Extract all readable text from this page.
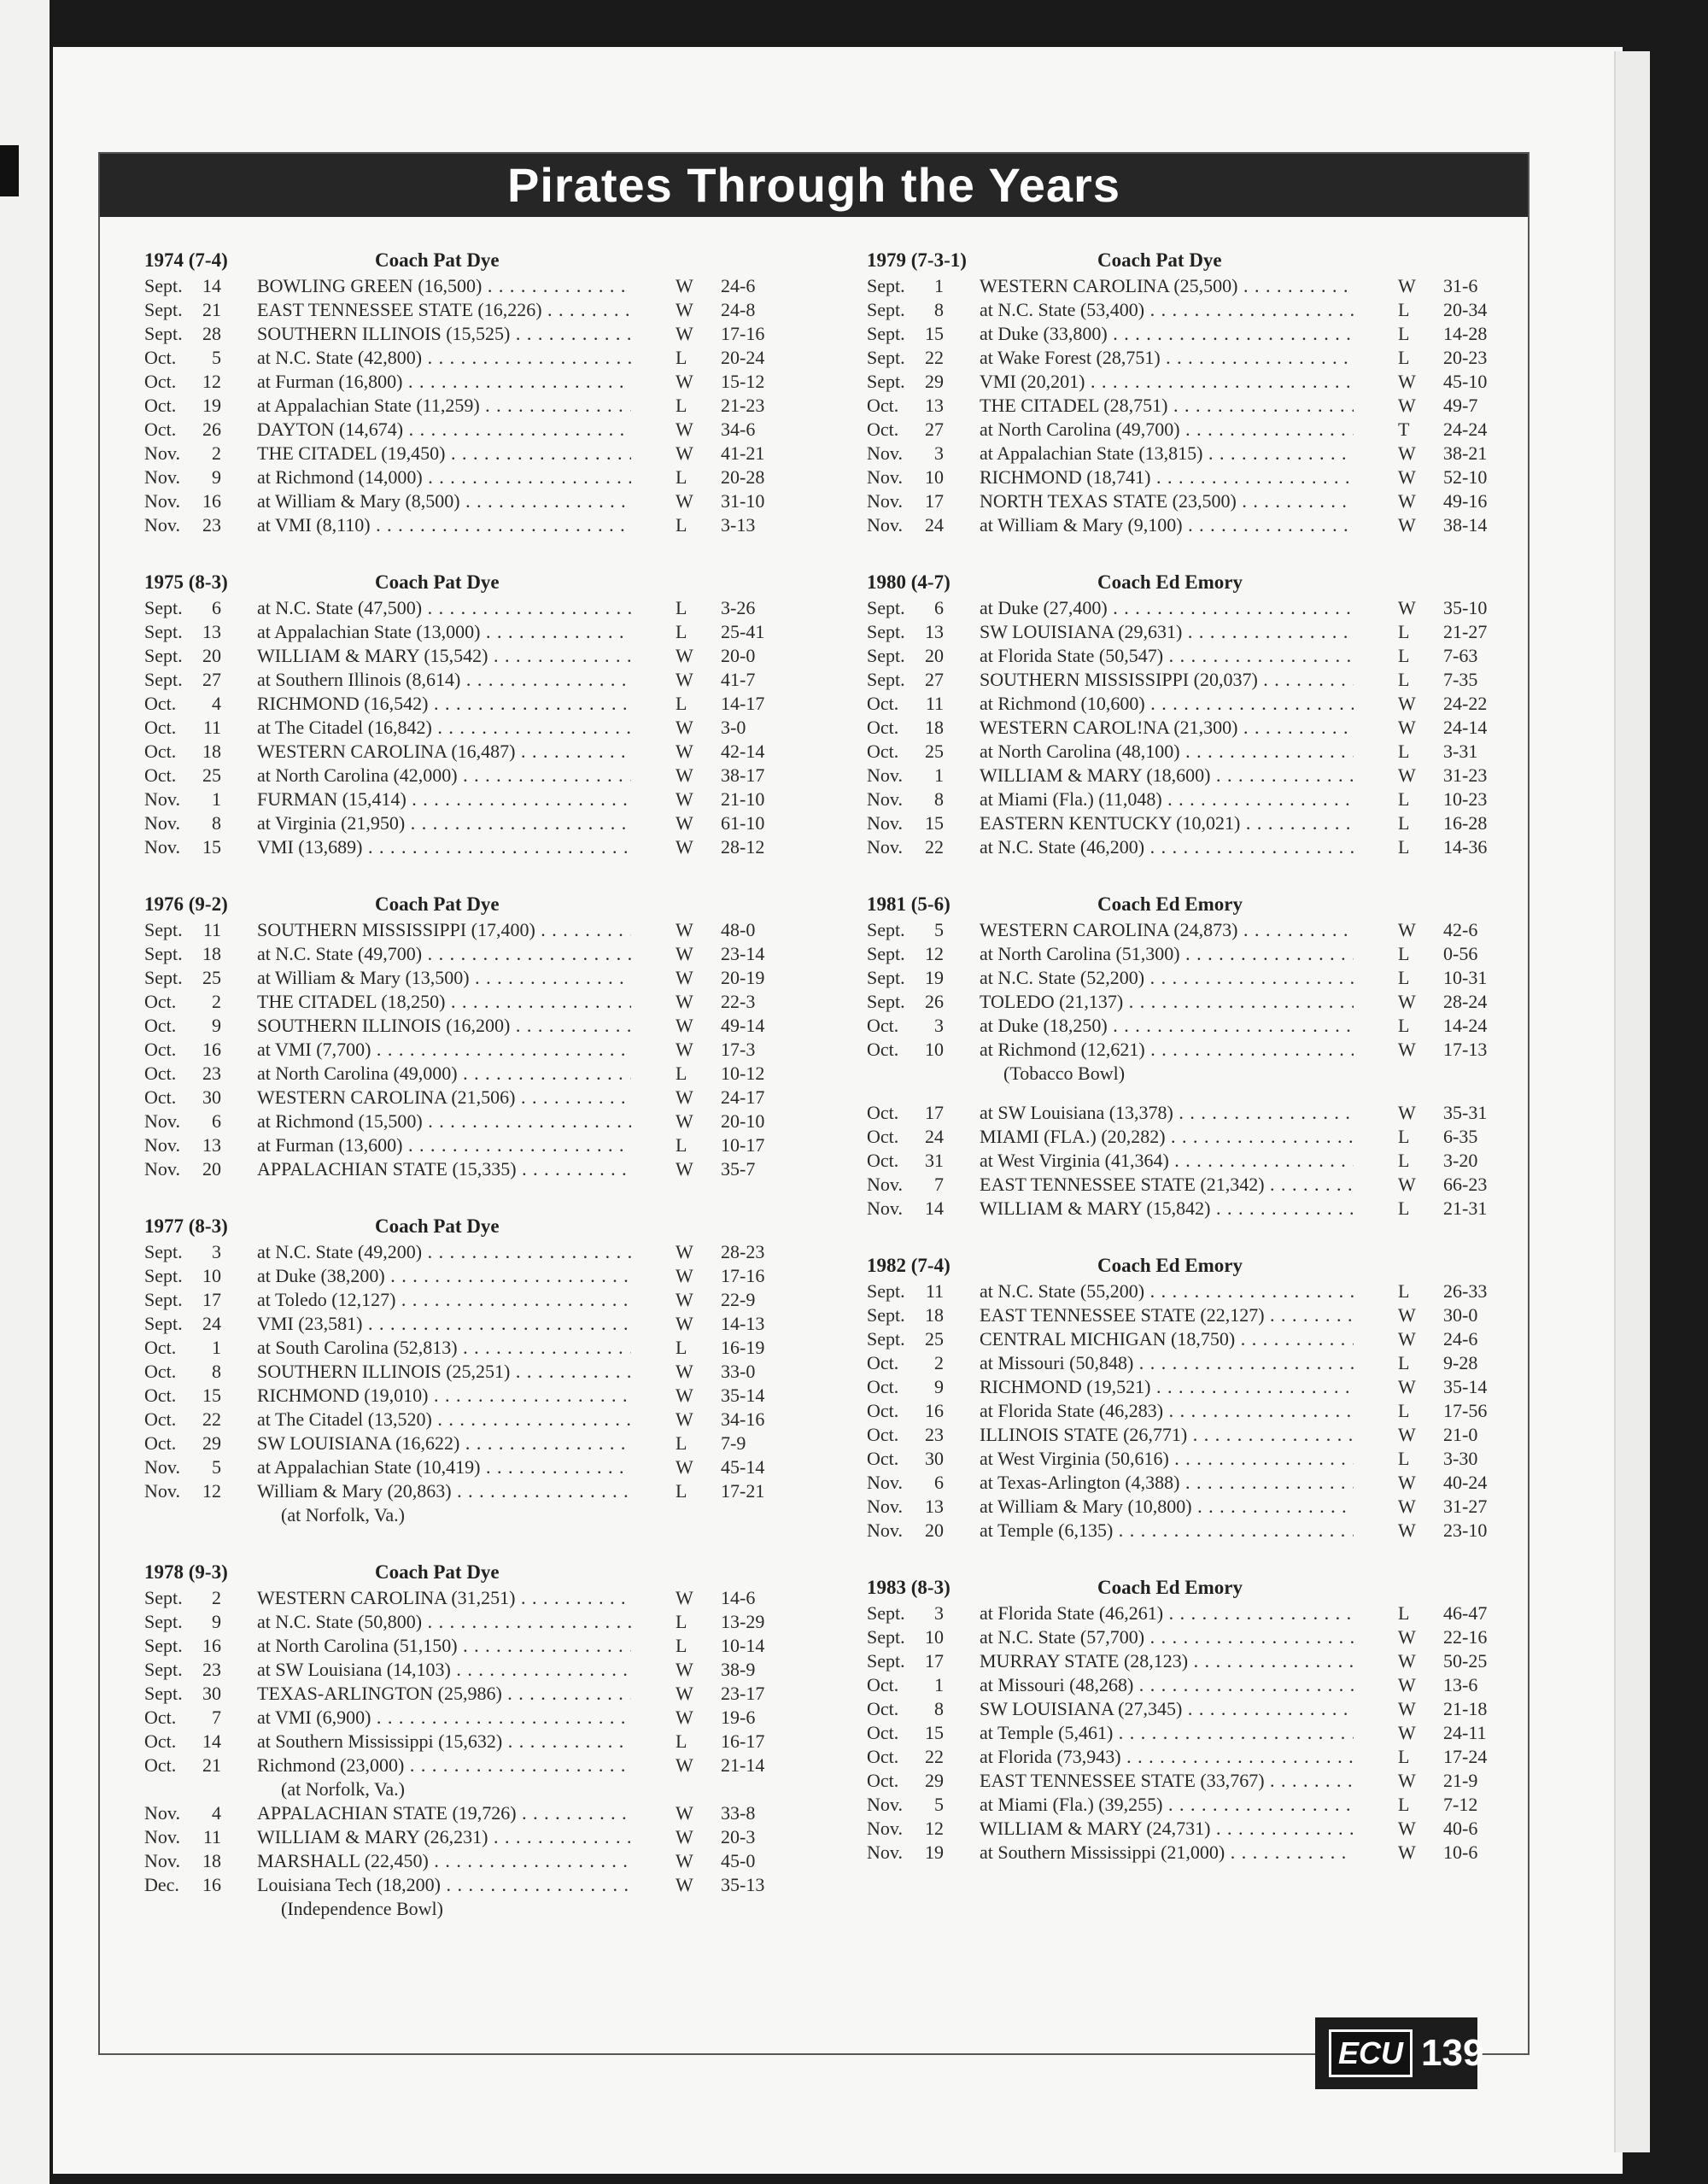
Pirates Through the Years
1974 (7-4)	Coach Pat Dye
Sept.	14 BOWLING GREEN (16,500) . . .	W 24-6
Sept.	21 EAST TENNESSEE STATE (16,226) . . .	W 24-8
Sept.	28 SOUTHERN ILLINOIS (15,525) . . .	W 17-16
Oct.	5 at N.C. State (42,800) . . .	L 20-24
Oct.	12 at Furman (16,800) . . .	W 15-12
Oct.	19 at Appalachian State (11,259) . . .	L 21-23
Oct.	26 DAYTON (14,674) . . .	W 34-6
Nov.	2 THE CITADEL (19,450) . . .	W 41-21
Nov.	9 at Richmond (14,000) . . .	L 20-28
Nov.	16 at William & Mary (8,500) . . .	W 31-10
Nov.	23 at VMI (8,110) . . .	L 3-13
1975 (8-3)	Coach Pat Dye
Sept.	6 at N.C. State (47,500) . . .	L 3-26
Sept.	13 at Appalachian State (13,000) . . .	L 25-41
Sept.	20 WILLIAM & MARY (15,542) . . .	W 20-0
Sept.	27 at Southern Illinois (8,614) . . .	W 41-7
Oct.	4 RICHMOND (16,542) . . .	L 14-17
Oct.	11 at The Citadel (16,842) . . .	W 3-0
Oct.	18 WESTERN CAROLINA (16,487) . . .	W 42-14
Oct.	25 at North Carolina (42,000) . . .	W 38-17
Nov.	1 FURMAN (15,414) . . .	W 21-10
Nov.	8 at Virginia (21,950) . . .	W 61-10
Nov.	15 VMI (13,689) . . .	W 28-12
1976 (9-2)	Coach Pat Dye
Sept.	11 SOUTHERN MISSISSIPPI (17,400) . . .	W 48-0
Sept.	18 at N.C. State (49,700) . . .	W 23-14
Sept.	25 at William & Mary (13,500) . . .	W 20-19
Oct.	2 THE CITADEL (18,250) . . .	W 22-3
Oct.	9 SOUTHERN ILLINOIS (16,200) . . .	W 49-14
Oct.	16 at VMI (7,700) . . .	W 17-3
Oct.	23 at North Carolina (49,000) . . .	L 10-12
Oct.	30 WESTERN CAROLINA (21,506) . . .	W 24-17
Nov.	6 at Richmond (15,500) . . .	W 20-10
Nov.	13 at Furman (13,600) . . .	L 10-17
Nov.	20 APPALACHIAN STATE (15,335) . . .	W 35-7
1977 (8-3)	Coach Pat Dye
Sept.	3 at N.C. State (49,200) . . .	W 28-23
Sept.	10 at Duke (38,200) . . .	W 17-16
Sept.	17 at Toledo (12,127) . . .	W 22-9
Sept.	24 VMI (23,581) . . .	W 14-13
Oct.	1 at South Carolina (52,813) . . .	L 16-19
Oct.	8 SOUTHERN ILLINOIS (25,251) . . .	W 33-0
Oct.	15 RICHMOND (19,010) . . .	W 35-14
Oct.	22 at The Citadel (13,520) . . .	W 34-16
Oct.	29 SW LOUISIANA (16,622) . . .	L 7-9
Nov.	5 at Appalachian State (10,419) . . .	W 45-14
Nov.	12 William & Mary (20,863) . . .	L 17-21
(at Norfolk, Va.)
1978 (9-3)	Coach Pat Dye
Sept.	2 WESTERN CAROLINA (31,251) . . .	W 14-6
Sept.	9 at N.C. State (50,800) . . .	L 13-29
Sept.	16 at North Carolina (51,150) . . .	L 10-14
Sept.	23 at SW Louisiana (14,103) . . .	W 38-9
Sept.	30 TEXAS-ARLINGTON (25,986) . . .	W 23-17
Oct.	7 at VMI (6,900) . . .	W 19-6
Oct.	14 at Southern Mississippi (15,632) . . .	L 16-17
Oct.	21 Richmond (23,000) . . .	W 21-14
(at Norfolk, Va.)
Nov.	4 APPALACHIAN STATE (19,726) . . .	W 33-8
Nov.	11 WILLIAM & MARY (26,231) . . .	W 20-3
Nov.	18 MARSHALL (22,450) . . .	W 45-0
Dec.	16 Louisiana Tech (18,200) . . .	W 35-13
(Independence Bowl)
1979 (7-3-1)	Coach Pat Dye
Sept.	1 WESTERN CAROLINA (25,500) . . .	W 31-6
Sept.	8 at N.C. State (53,400) . . .	L 20-34
Sept.	15 at Duke (33,800) . . .	L 14-28
Sept.	22 at Wake Forest (28,751) . . .	L 20-23
Sept.	29 VMI (20,201) . . .	W 45-10
Oct.	13 THE CITADEL (28,751) . . .	W 49-7
Oct.	27 at North Carolina (49,700) . . .	T 24-24
Nov.	3 at Appalachian State (13,815) . . .	W 38-21
Nov.	10 RICHMOND (18,741) . . .	W 52-10
Nov.	17 NORTH TEXAS STATE (23,500) . . .	W 49-16
Nov.	24 at William & Mary (9,100) . . .	W 38-14
1980 (4-7)	Coach Ed Emory
Sept.	6 at Duke (27,400) . . .	W 35-10
Sept.	13 SW LOUISIANA (29,631) . . .	L 21-27
Sept.	20 at Florida State (50,547) . . .	L 7-63
Sept.	27 SOUTHERN MISSISSIPPI (20,037) . . .	L 7-35
Oct.	11 at Richmond (10,600) . . .	W 24-22
Oct.	18 WESTERN CAROL!NA (21,300) . . .	W 24-14
Oct.	25 at North Carolina (48,100) . . .	L 3-31
Nov.	1 WILLIAM & MARY (18,600) . . .	W 31-23
Nov.	8 at Miami (Fla.) (11,048) . . .	L 10-23
Nov.	15 EASTERN KENTUCKY (10,021) . . .	L 16-28
Nov.	22 at N.C. State (46,200) . . .	L 14-36
1981 (5-6)	Coach Ed Emory
Sept.	5 WESTERN CAROLINA (24,873) . . .	W 42-6
Sept.	12 at North Carolina (51,300) . . .	L 0-56
Sept.	19 at N.C. State (52,200) . . .	L 10-31
Sept.	26 TOLEDO (21,137) . . .	W 28-24
Oct.	3 at Duke (18,250) . . .	L 14-24
Oct.	10 at Richmond (12,621) . . .	W 17-13
(Tobacco Bowl)
Oct.	17 at SW Louisiana (13,378) . . .	W 35-31
Oct.	24 MIAMI (FLA.) (20,282) . . .	L 6-35
Oct.	31 at West Virginia (41,364) . . .	L 3-20
Nov.	7 EAST TENNESSEE STATE (21,342) . . .	W 66-23
Nov.	14 WILLIAM & MARY (15,842) . . .	L 21-31
1982 (7-4)	Coach Ed Emory
Sept.	11 at N.C. State (55,200) . . .	L 26-33
Sept.	18 EAST TENNESSEE STATE (22,127) . . .	W 30-0
Sept.	25 CENTRAL MICHIGAN (18,750) . . .	W 24-6
Oct.	2 at Missouri (50,848) . . .	L 9-28
Oct.	9 RICHMOND (19,521) . . .	W 35-14
Oct.	16 at Florida State (46,283) . . .	L 17-56
Oct.	23 ILLINOIS STATE (26,771) . . .	W 21-0
Oct.	30 at West Virginia (50,616) . . .	L 3-30
Nov.	6 at Texas-Arlington (4,388) . . .	W 40-24
Nov.	13 at William & Mary (10,800) . . .	W 31-27
Nov.	20 at Temple (6,135) . . .	W 23-10
1983 (8-3)	Coach Ed Emory
Sept.	3 at Florida State (46,261) . . .	L 46-47
Sept.	10 at N.C. State (57,700) . . .	W 22-16
Sept.	17 MURRAY STATE (28,123) . . .	W 50-25
Oct.	1 at Missouri (48,268) . . .	W 13-6
Oct.	8 SW LOUISIANA (27,345) . . .	W 21-18
Oct.	15 at Temple (5,461) . . .	W 24-11
Oct.	22 at Florida (73,943) . . .	L 17-24
Oct.	29 EAST TENNESSEE STATE (33,767) . . .	W 21-9
Nov.	5 at Miami (Fla.) (39,255) . . .	L 7-12
Nov.	12 WILLIAM & MARY (24,731) . . .	W 40-6
Nov.	19 at Southern Mississippi (21,000) . . .	W 10-6
ECU 139
